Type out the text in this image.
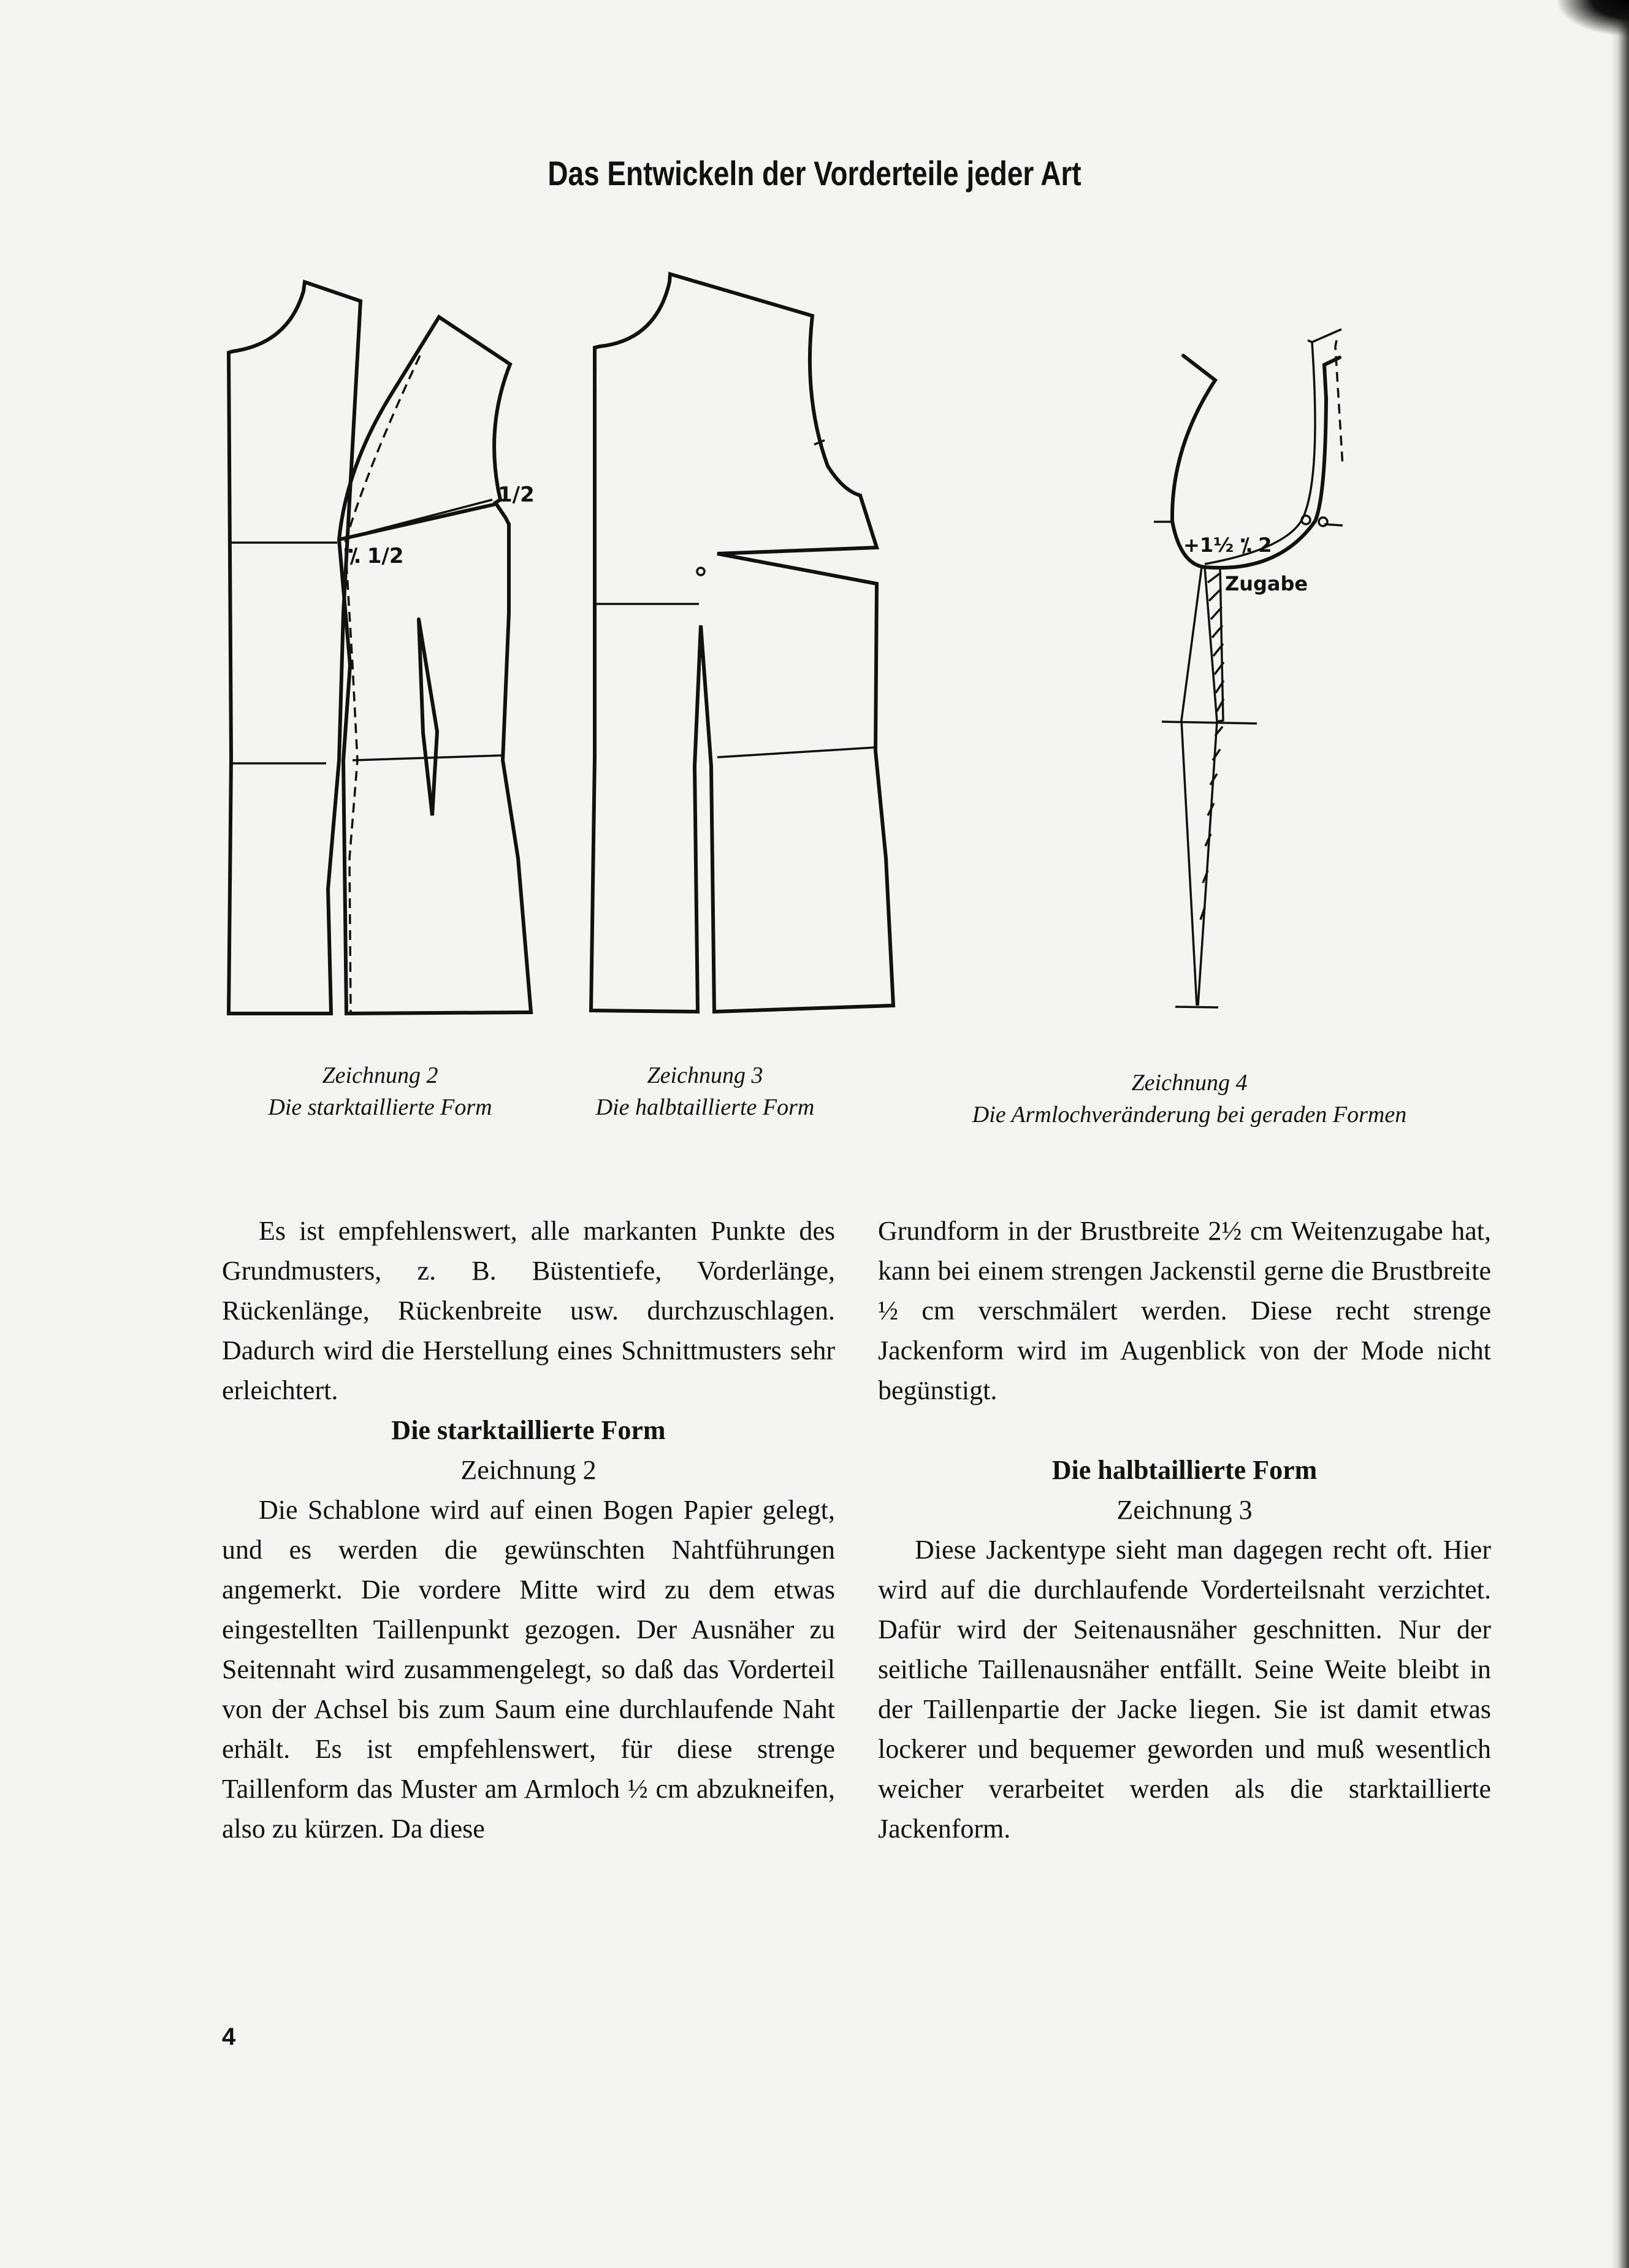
Das Entwickeln der Vorderteile jeder Art
1/2
⁒ 1/2	+1½ ⁒ 2
Zugabe
Zeichnung 2
Die starktaillierte Form
Zeichnung 3
Die halbtaillierte Form
Zeichnung 4
Die Armlochveränderung bei geraden Formen

Es ist empfehlenswert, alle markanten Punkte des Grundmusters, z. B. Büstentiefe, Vorderlänge, Rückenlänge, Rückenbreite usw. durchzuschlagen. Dadurch wird die Herstellung eines Schnittmusters sehr erleichtert.

Die starktaillierte Form
Zeichnung 2

Die Schablone wird auf einen Bogen Papier gelegt, und es werden die gewünschten Nahtführungen angemerkt. Die vordere Mitte wird zu dem etwas eingestellten Taillenpunkt gezogen. Der Ausnäher zu Seitennaht wird zusammengelegt, so daß das Vorderteil von der Achsel bis zum Saum eine durchlaufende Naht erhält. Es ist empfehlenswert, für diese strenge Taillenform das Muster am Armloch ½ cm abzukneifen, also zu kürzen. Da diese

Grundform in der Brustbreite 2½ cm Weitenzugabe hat, kann bei einem strengen Jackenstil gerne die Brustbreite ½ cm verschmälert werden. Diese recht strenge Jackenform wird im Augenblick von der Mode nicht begünstigt.

Die halbtaillierte Form
Zeichnung 3

Diese Jackentype sieht man dagegen recht oft. Hier wird auf die durchlaufende Vorderteilsnaht verzichtet. Dafür wird der Seitenausnäher geschnitten. Nur der seitliche Taillenausnäher entfällt. Seine Weite bleibt in der Taillenpartie der Jacke liegen. Sie ist damit etwas lockerer und bequemer geworden und muß wesentlich weicher verarbeitet werden als die starktaillierte Jackenform.

4
